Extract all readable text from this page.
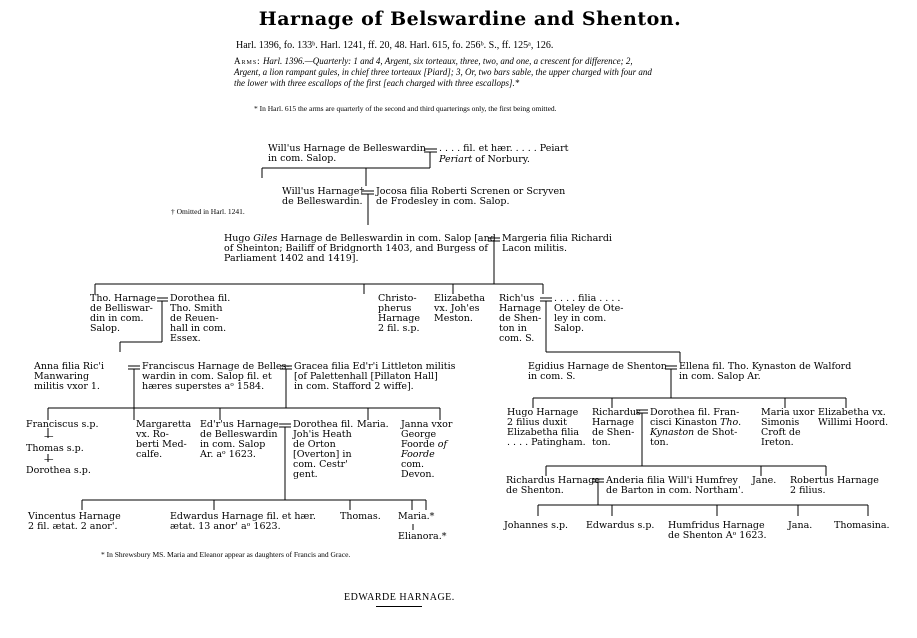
Harnage of Belswardine and Shenton.
Harl. 1396, fo. 133ᵇ. Harl. 1241, ff. 20, 48. Harl. 615, fo. 256ᵇ. S., ff. 125ᵃ, 126.
Arms: Harl. 1396.—Quarterly: 1 and 4, Argent, six torteaux, three, two, and one, a crescent for difference; 2, Argent, a lion rampant gules, in chief three torteaux [Piard]; 3, Or, two bars sable, the upper charged with four and the lower with three escallops of the first [each charged with three escallops].*
* In Harl. 615 the arms are quarterly of the second and third quarterings only, the first being omitted.
Will'us Harnage de Belleswardin
in com. Salop.
. . . . fil. et hær. . . . . Peiart
Periart of Norbury.
Will'us Harnage†
de Belleswardin.
Jocosa filia Roberti Screnen or Scryven
de Frodesley in com. Salop.
† Omitted in Harl. 1241.
Hugo Giles Harnage de Belleswardin in com. Salop [and
of Sheinton; Bailiff of Bridgnorth 1403, and Burgess of
Parliament 1402 and 1419].
Margeria filia Richardi
Lacon militis.
Tho. Harnage
de Belliswar-
din in com.
Salop.
Dorothea fil.
Tho. Smith
de Reuen-
hall in com.
Essex.
Christo-
pherus
Harnage
2 fil. s.p.
Elizabetha
vx. Joh'es
Meston.
Rich'us
Harnage
de Shen-
ton in
com. S.
. . . . filia . . . .
Oteley de Ote-
ley in com.
Salop.
Anna filia Ric'i
Manwaring
militis vxor 1.
Franciscus Harnage de Belles-
wardin in com. Salop fil. et
hæres superstes aᵒ 1584.
Gracea filia Ed'r'i Littleton militis
[of Palettenhall [Pillaton Hall]
in com. Stafford 2 wiffe].
Egidius Harnage de Shenton
in com. S.
Ellena fil. Tho. Kynaston de Walford
in com. Salop Ar.
Franciscus s.p.
—
Thomas s.p.
—
Dorothea s.p.
Margaretta
vx. Ro-
berti Med-
calfe.
Ed'r'us Harnage
de Belleswardin
in com. Salop
Ar. aᵒ 1623.
Dorothea fil.
Joh'is Heath
de Orton
[Overton] in
com. Cestr'
gent.
Maria. Janna vxor
George
Foorde of
Foorde
com.
Devon.
Hugo Harnage
2 filius duxit
Elizabetha filia
. . . . Patingham.
Richardus
Harnage
de Shen-
ton.
Dorothea fil. Fran-
cisci Kinaston Tho.
Kynaston de Shot-
ton.
Maria uxor
Simonis
Croft de
Ireton.
Elizabetha vx.
Willimi Hoord.
Richardus Harnage
de Shenton.
Anderia filia Will'i Humfrey
de Barton in com. Northam'.
Jane. Robertus Harnage
2 filius.
Vincentus Harnage
2 fil. ætat. 2 anor'.
Edwardus Harnage fil. et hær.
ætat. 13 anor' aᵒ 1623.
Thomas. Maria.*
Elianora.*
Johannes s.p. Edwardus s.p. Humfridus Harnage
de Shenton Aᵒ 1623.
Jana. Thomasina.
* In Shrewsbury MS. Maria and Eleanor appear as daughters of Francis and Grace.
EDWARDE HARNAGE.
